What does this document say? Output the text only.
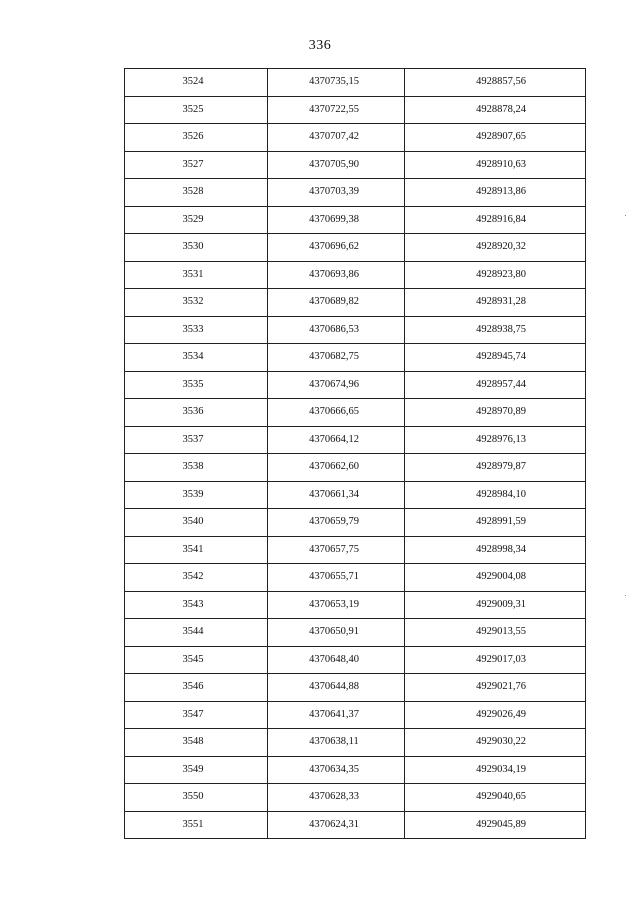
336
3524	4370735,15	4928857,56
3525	4370722,55	4928878,24
3526	4370707,42	4928907,65
3527	4370705,90	4928910,63
3528	4370703,39	4928913,86
3529	4370699,38	4928916,84
3530	4370696,62	4928920,32
3531	4370693,86	4928923,80
3532	4370689,82	4928931,28
3533	4370686,53	4928938,75
3534	4370682,75	4928945,74
3535	4370674,96	4928957,44
3536	4370666,65	4928970,89
3537	4370664,12	4928976,13
3538	4370662,60	4928979,87
3539	4370661,34	4928984,10
3540	4370659,79	4928991,59
3541	4370657,75	4928998,34
3542	4370655,71	4929004,08
3543	4370653,19	4929009,31
3544	4370650,91	4929013,55
3545	4370648,40	4929017,03
3546	4370644,88	4929021,76
3547	4370641,37	4929026,49
3548	4370638,11	4929030,22
3549	4370634,35	4929034,19
3550	4370628,33	4929040,65
3551	4370624,31	4929045,89
